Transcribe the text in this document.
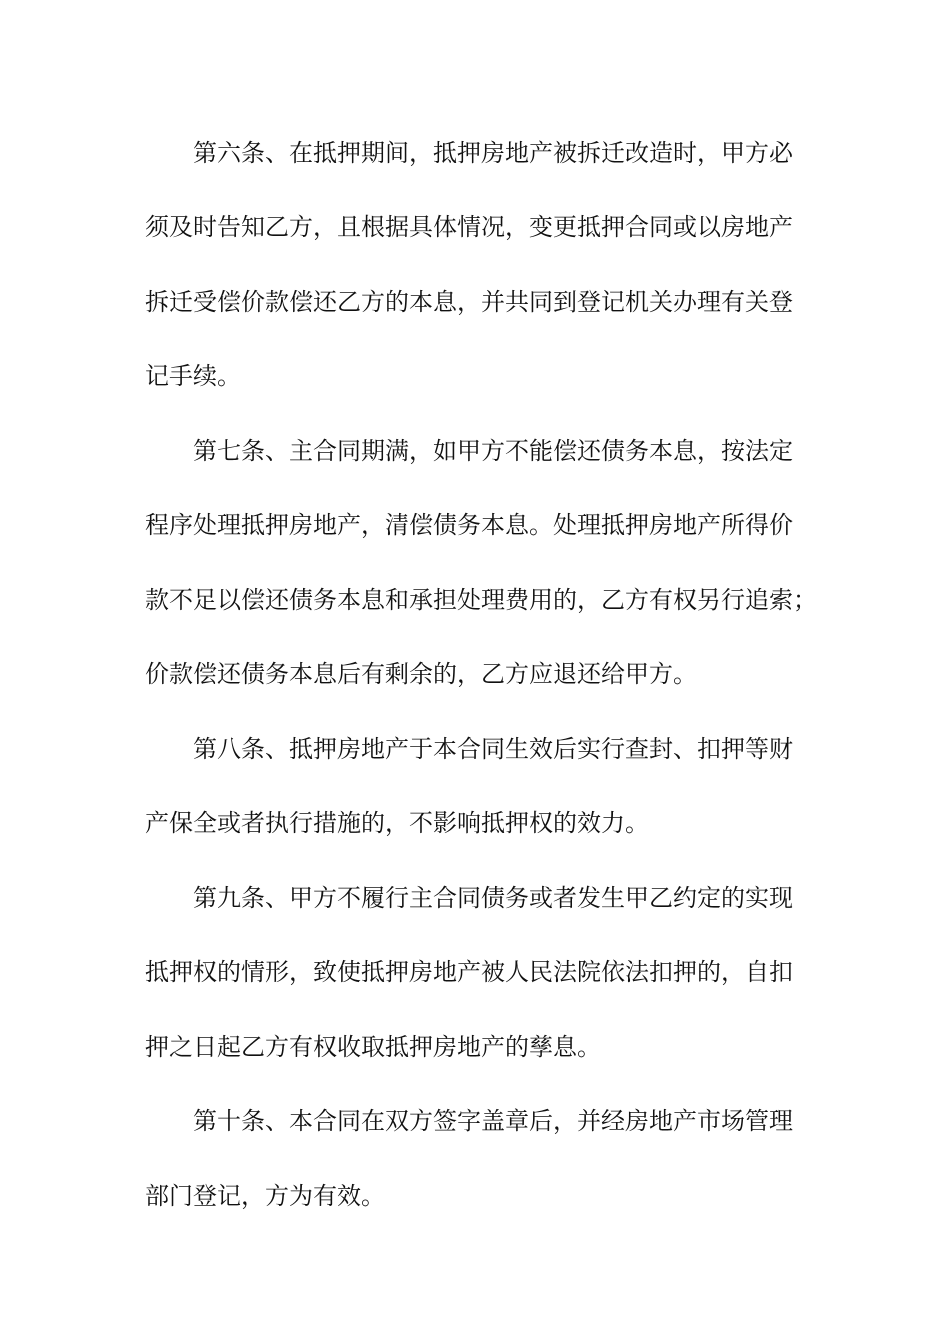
第六条、在抵押期间，抵押房地产被拆迁改造时，甲方必
须及时告知乙方，且根据具体情况，变更抵押合同或以房地产
拆迁受偿价款偿还乙方的本息，并共同到登记机关办理有关登
记手续。
第七条、主合同期满，如甲方不能偿还债务本息，按法定
程序处理抵押房地产，清偿债务本息。处理抵押房地产所得价
款不足以偿还债务本息和承担处理费用的，乙方有权另行追索；
价款偿还债务本息后有剩余的，乙方应退还给甲方。
第八条、抵押房地产于本合同生效后实行查封、扣押等财
产保全或者执行措施的，不影响抵押权的效力。
第九条、甲方不履行主合同债务或者发生甲乙约定的实现
抵押权的情形，致使抵押房地产被人民法院依法扣押的，自扣
押之日起乙方有权收取抵押房地产的孳息。
第十条、本合同在双方签字盖章后，并经房地产市场管理
部门登记，方为有效。
